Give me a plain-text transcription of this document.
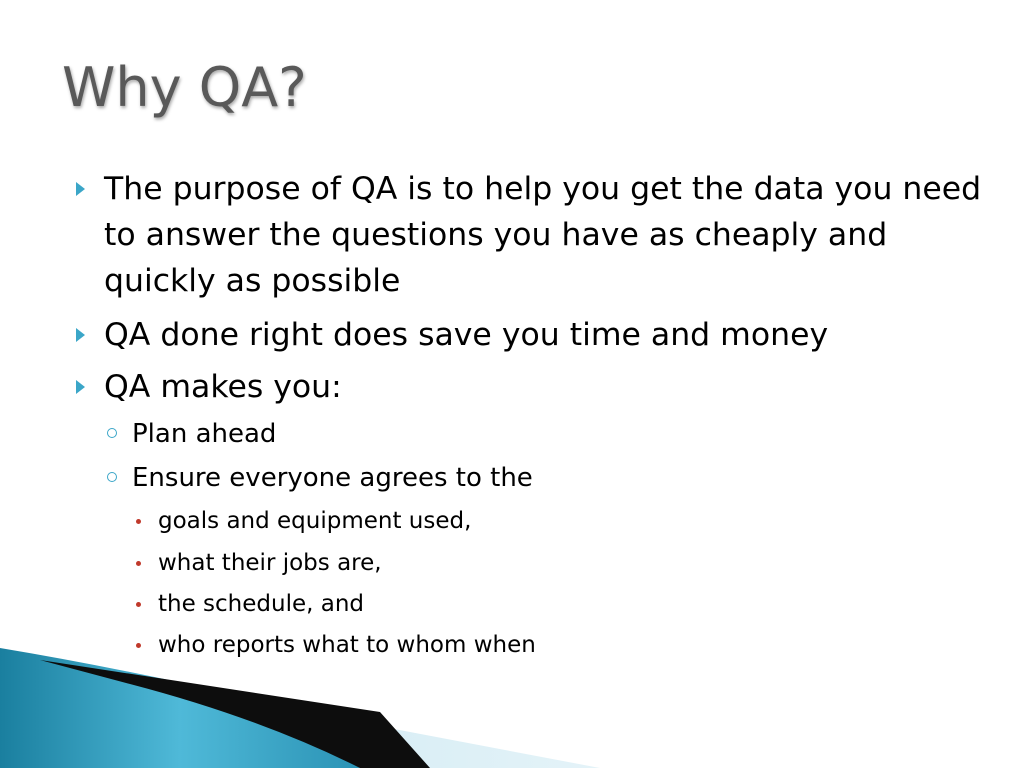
Why QA?
The purpose of QA is to help you get the data you need to answer the questions you have as cheaply and quickly as possible
QA done right does save you time and money
QA makes you:
Plan ahead
Ensure everyone agrees to the
goals and equipment used,
what their jobs are,
the schedule, and
who reports what to whom when
